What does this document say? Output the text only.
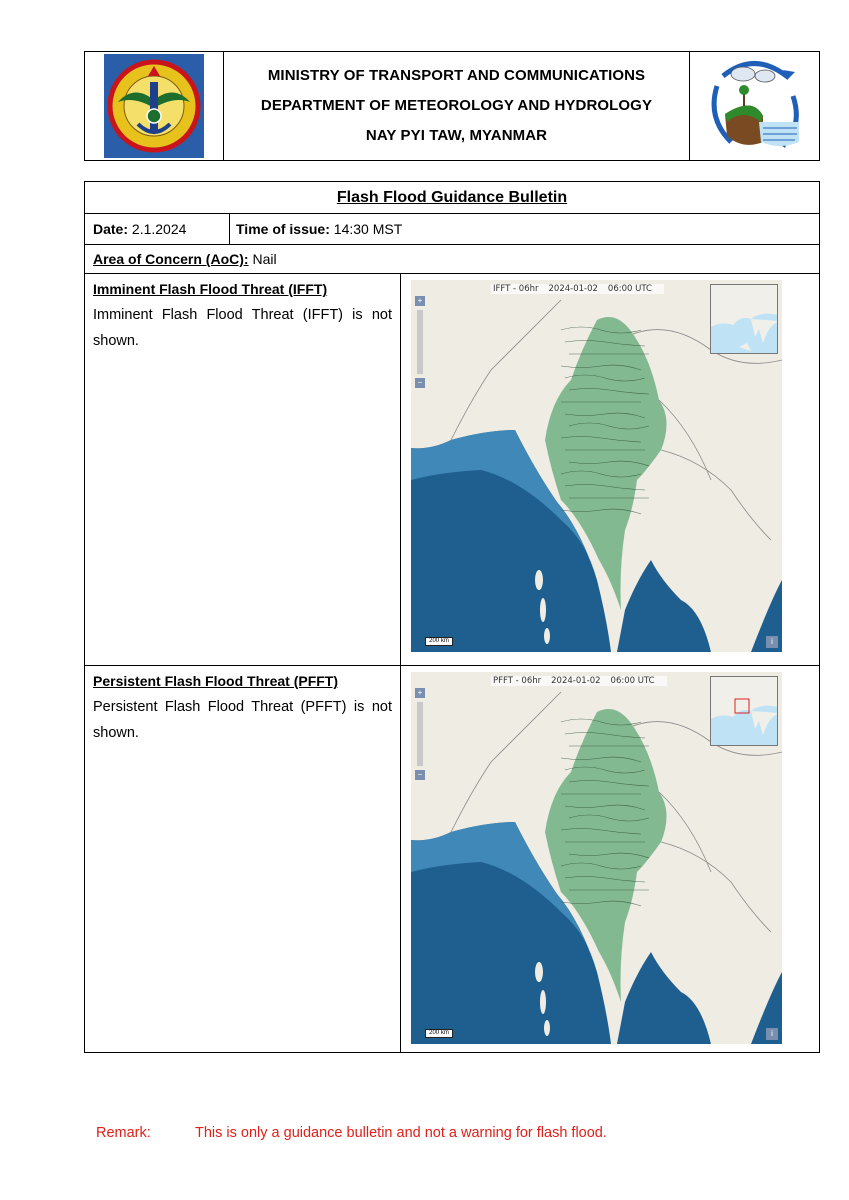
MINISTRY OF TRANSPORT AND COMMUNICATIONS
DEPARTMENT OF METEOROLOGY AND HYDROLOGY
NAY PYI TAW, MYANMAR
Flash Flood Guidance Bulletin
Date:
2.1.2024	Time of issue:
14:30 MST
Area of Concern (AoC):
Nail
Imminent Flash Flood Threat (IFFT)
Imminent Flash Flood Threat (IFFT) is not shown.
IFFT - 06hr 2024-01-02 06:00 UTC
+
−
200 km	i
Persistent Flash Flood Threat (PFFT)
Persistent Flash Flood Threat (PFFT) is not shown.
PFFT - 06hr 2024-01-02 06:00 UTC
+
−
200 km	i
Remark:	This is only a guidance bulletin and not a warning for flash flood.
